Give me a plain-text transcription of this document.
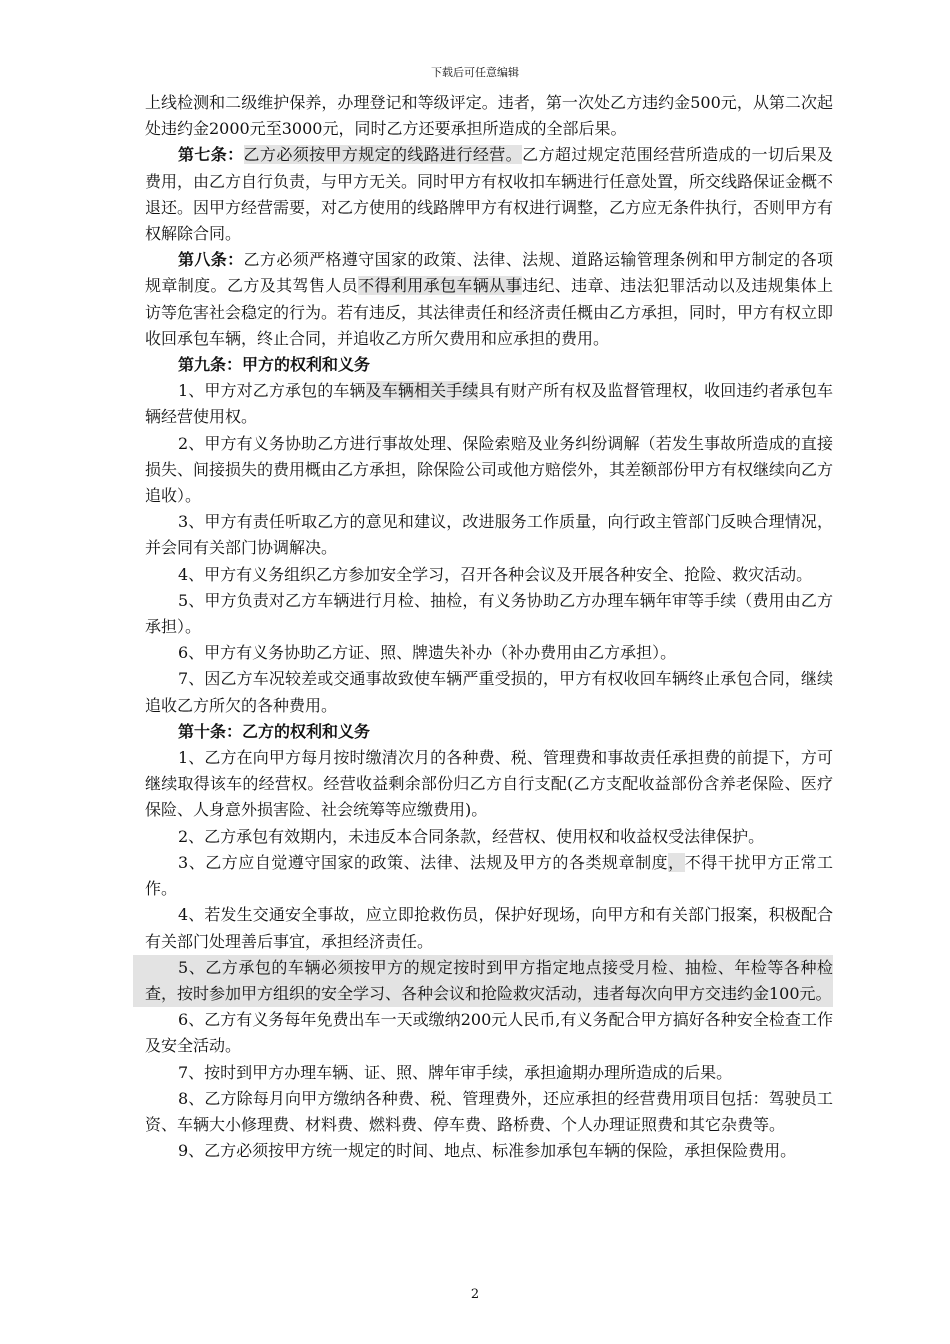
下载后可任意编辑

上线检测和二级维护保养，办理登记和等级评定。违者，第一次处乙方违约金500元，从第二次起处违约金2000元至3000元，同时乙方还要承担所造成的全部后果。

第七条：乙方必须按甲方规定的线路进行经营。乙方超过规定范围经营所造成的一切后果及费用，由乙方自行负责，与甲方无关。同时甲方有权收扣车辆进行任意处置，所交线路保证金概不退还。因甲方经营需要，对乙方使用的线路牌甲方有权进行调整，乙方应无条件执行，否则甲方有权解除合同。

第八条：乙方必须严格遵守国家的政策、法律、法规、道路运输管理条例和甲方制定的各项规章制度。乙方及其驾售人员不得利用承包车辆从事违纪、违章、违法犯罪活动以及违规集体上访等危害社会稳定的行为。若有违反，其法律责任和经济责任概由乙方承担，同时，甲方有权立即收回承包车辆，终止合同，并追收乙方所欠费用和应承担的费用。

第九条：甲方的权利和义务

1、甲方对乙方承包的车辆及车辆相关手续具有财产所有权及监督管理权，收回违约者承包车辆经营使用权。

2、甲方有义务协助乙方进行事故处理、保险索赔及业务纠纷调解（若发生事故所造成的直接损失、间接损失的费用概由乙方承担，除保险公司或他方赔偿外，其差额部份甲方有权继续向乙方追收）。

3、甲方有责任听取乙方的意见和建议，改进服务工作质量，向行政主管部门反映合理情况，并会同有关部门协调解决。

4、甲方有义务组织乙方参加安全学习，召开各种会议及开展各种安全、抢险、救灾活动。

5、甲方负责对乙方车辆进行月检、抽检，有义务协助乙方办理车辆年审等手续（费用由乙方承担）。

6、甲方有义务协助乙方证、照、牌遗失补办（补办费用由乙方承担）。

7、因乙方车况较差或交通事故致使车辆严重受损的，甲方有权收回车辆终止承包合同，继续追收乙方所欠的各种费用。

第十条：乙方的权利和义务

1、乙方在向甲方每月按时缴清次月的各种费、税、管理费和事故责任承担费的前提下，方可继续取得该车的经营权。经营收益剩余部份归乙方自行支配(乙方支配收益部份含养老保险、医疗保险、人身意外损害险、社会统筹等应缴费用)。

2、乙方承包有效期内，未违反本合同条款，经营权、使用权和收益权受法律保护。

3、乙方应自觉遵守国家的政策、法律、法规及甲方的各类规章制度，不得干扰甲方正常工作。

4、若发生交通安全事故，应立即抢救伤员，保护好现场，向甲方和有关部门报案，积极配合有关部门处理善后事宜，承担经济责任。

5、乙方承包的车辆必须按甲方的规定按时到甲方指定地点接受月检、抽检、年检等各种检查，按时参加甲方组织的安全学习、各种会议和抢险救灾活动，违者每次向甲方交违约金100元。

6、乙方有义务每年免费出车一天或缴纳200元人民币,有义务配合甲方搞好各种安全检查工作及安全活动。

7、按时到甲方办理车辆、证、照、牌年审手续，承担逾期办理所造成的后果。

8、乙方除每月向甲方缴纳各种费、税、管理费外，还应承担的经营费用项目包括：驾驶员工资、车辆大小修理费、材料费、燃料费、停车费、路桥费、个人办理证照费和其它杂费等。

9、乙方必须按甲方统一规定的时间、地点、标准参加承包车辆的保险，承担保险费用。

2
